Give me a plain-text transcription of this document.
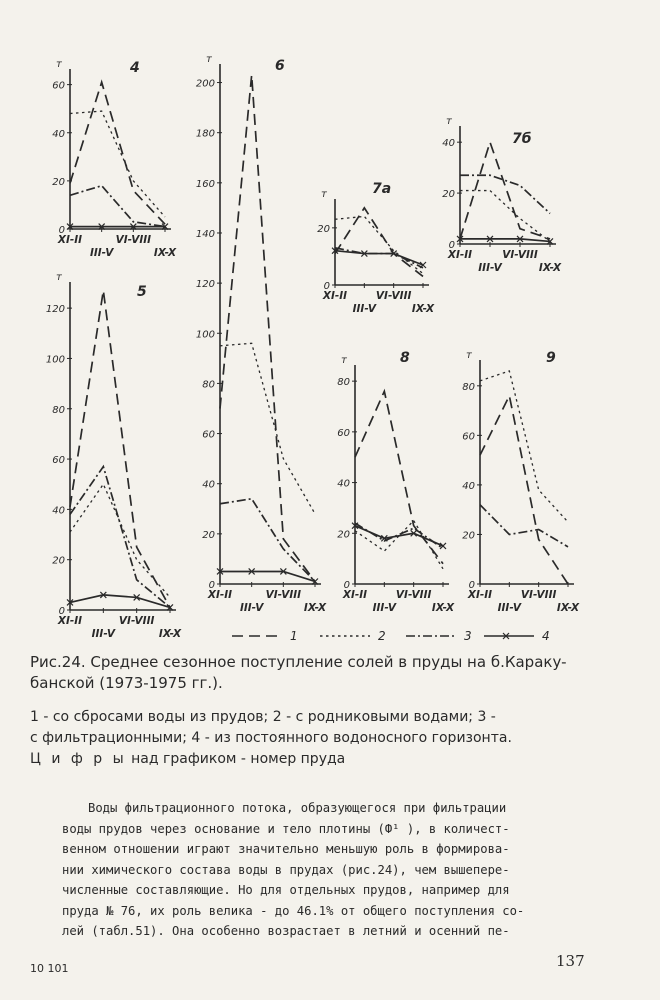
т	4
0
20
40
60
XI-II
III-V
VI-VIII
IX-X
т	6
0
20
40
60
80
100
120
140
160
180
200
XI-II
III-V
VI-VIII
IX-X
т	7а
0
20
XI-II
III-V
VI-VIII
IX-X
т
7б
0
20
40
XI-II
III-V
VI-VIII
IX-X
т
5
0
20
40
60
80
100
120
XI-II
III-V
VI-VIII
IX-X
т	8
0
20
40
60
80
XI-II
III-V
VI-VIII
IX-X
т	9
0
20
40
60
80
XI-II
III-V
VI-VIII
IX-X
1	2	3	4
Рис.24. Среднее сезонное поступление солей в пруды на б.Каракy-
банской (1973-1975 гг.).
1 - со сбросами воды из прудов; 2 - с родниковыми водами; 3 -
с фильтрационными; 4 - из постоянного водоносного горизонта.
Ц и ф р ы над графиком - номер пруда
Воды фильтрационного потока, образующегося при фильтрации
воды прудов через основание и тело плотины (Ф¹ ), в количест-
венном отношении играют значительно меньшую роль в формирова-
нии химического состава воды в прудах (рис.24), чем вышепере-
численные составляющие. Но для отдельных прудов, например для
пруда № 76, их роль велика - до 46.1% от общего поступления со-
лей (табл.51). Она особенно возрастает в летний и осенний пе-
10 101	137
